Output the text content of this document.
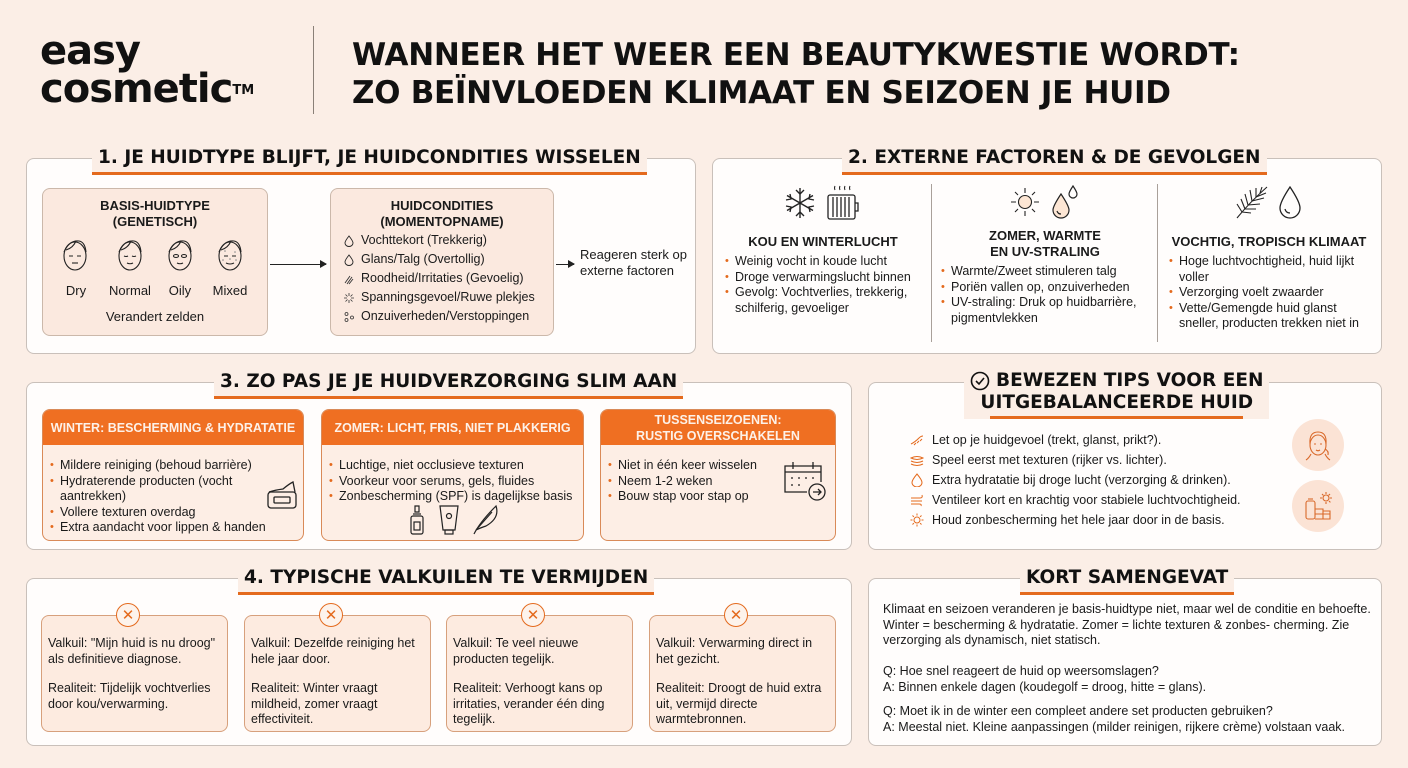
easy
cosmetic™
WANNEER HET WEER EEN BEAUTYKWESTIE WORDT:
ZO BEÏNVLOEDEN KLIMAAT EN SEIZOEN JE HUID
1. JE HUIDTYPE BLIJFT, JE HUIDCONDITIES WISSELEN
BASIS-HUIDTYPE
(GENETISCH)
Dry	Normal	Oily	Mixed
Verandert zelden
HUIDCONDITIES
(MOMENTOPNAME)
Vochttekort (Trekkerig)
Glans/Talg (Overtollig)
Roodheid/Irritaties (Gevoelig)
Spanningsgevoel/Ruwe plekjes
Onzuiverheden/Verstoppingen
Reageren sterk op
externe factoren
2. EXTERNE FACTOREN & DE GEVOLGEN
KOU EN WINTERLUCHT
• Weinig vocht in koude lucht
• Droge verwarmingslucht binnen
• Gevolg: Vochtverlies, trekkerig, schilferig, gevoeliger
ZOMER, WARMTE
EN UV-STRALING
• Warmte/Zweet stimuleren talg
• Poriën vallen op, onzuiverheden
• UV-straling: Druk op huidbarrière, pigmentvlekken
VOCHTIG, TROPISCH KLIMAAT
• Hoge luchtvochtigheid, huid lijkt voller
• Verzorging voelt zwaarder
• Vette/Gemengde huid glanst sneller, producten trekken niet in
3. ZO PAS JE JE HUIDVERZORGING SLIM AAN
WINTER: BESCHERMING & HYDRATATIE
• Mildere reiniging (behoud barrière)
• Hydraterende producten (vocht aantrekken)
• Vollere texturen overdag
• Extra aandacht voor lippen & handen
ZOMER: LICHT, FRIS, NIET PLAKKERIG
• Luchtige, niet occlusieve texturen
• Voorkeur voor serums, gels, fluides
• Zonbescherming (SPF) is dagelijkse basis
TUSSENSEIZOENEN:
RUSTIG OVERSCHAKELEN
• Niet in één keer wisselen
• Neem 1-2 weken
• Bouw stap voor stap op
BEWEZEN TIPS VOOR EEN
UITGEBALANCEERDE HUID
Let op je huidgevoel (trekt, glanst, prikt?).
Speel eerst met texturen (rijker vs. lichter).
Extra hydratatie bij droge lucht (verzorging & drinken).
Ventileer kort en krachtig voor stabiele luchtvochtigheid.
Houd zonbescherming het hele jaar door in de basis.
4. TYPISCHE VALKUILEN TE VERMIJDEN
Valkuil: "Mijn huid is nu droog" als definitieve diagnose.
Realiteit: Tijdelijk vochtverlies door kou/verwarming.
✕
Valkuil: Dezelfde reiniging het hele jaar door.
Realiteit: Winter vraagt mildheid, zomer vraagt effectiviteit.
✕
Valkuil: Te veel nieuwe producten tegelijk.
Realiteit: Verhoogt kans op irritaties, verander één ding tegelijk.
✕
Valkuil: Verwarming direct in het gezicht.
Realiteit: Droogt de huid extra uit, vermijd directe warmtebronnen.
✕
KORT SAMENGEVAT
Klimaat en seizoen veranderen je basis-huidtype niet, maar wel de conditie en behoefte. Winter = bescherming & hydratatie. Zomer = lichte texturen & zonbes- cherming. Zie verzorging als dynamisch, niet statisch.
Q: Hoe snel reageert de huid op weersomslagen?
A: Binnen enkele dagen (koudegolf = droog, hitte = glans).
Q: Moet ik in de winter een compleet andere set producten gebruiken?
A: Meestal niet. Kleine aanpassingen (milder reinigen, rijkere crème) volstaan vaak.
